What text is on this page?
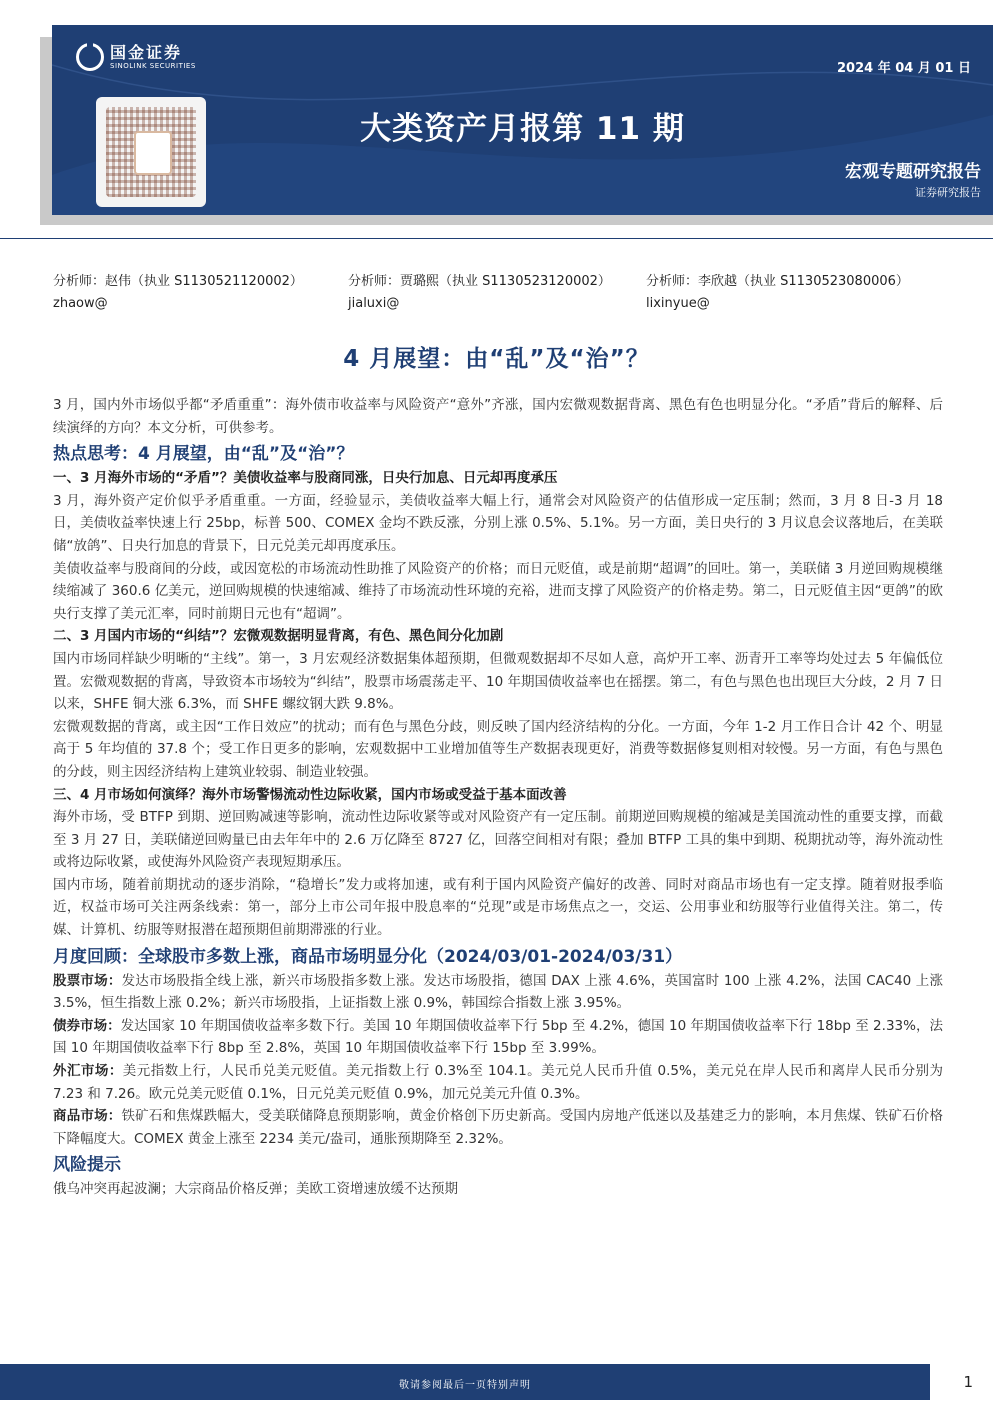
国金证券
SINOLINK SECURITIES	2024 年 04 月 01 日
大类资产月报第 11 期
宏观专题研究报告
证券研究报告
分析师：赵伟（执业 S1130521120002）
zhaow@
分析师：贾璐熙（执业 S1130523120002）
jialuxi@
分析师：李欣越（执业 S1130523080006）
lixinyue@
4 月展望：由“乱”及“治”？

3 月，国内外市场似乎都“矛盾重重”：海外债市收益率与风险资产“意外”齐涨，国内宏微观数据背离、黑色有色也明显分化。“矛盾”背后的解释、后续演绎的方向？本文分析，可供参考。

热点思考：4 月展望，由“乱”及“治”？
一、3 月海外市场的“矛盾”？美债收益率与股商同涨，日央行加息、日元却再度承压

3 月，海外资产定价似乎矛盾重重。一方面，经验显示，美债收益率大幅上行，通常会对风险资产的估值形成一定压制；然而，3 月 8 日-3 月 18 日，美债收益率快速上行 25bp，标普 500、COMEX 金均不跌反涨，分别上涨 0.5%、5.1%。另一方面，美日央行的 3 月议息会议落地后，在美联储“放鸽”、日央行加息的背景下，日元兑美元却再度承压。

美债收益率与股商间的分歧，或因宽松的市场流动性助推了风险资产的价格；而日元贬值，或是前期“超调”的回吐。第一，美联储 3 月逆回购规模继续缩减了 360.6 亿美元，逆回购规模的快速缩减、维持了市场流动性环境的充裕，进而支撑了风险资产的价格走势。第二，日元贬值主因“更鸽”的欧央行支撑了美元汇率，同时前期日元也有“超调”。

二、3 月国内市场的“纠结”？宏微观数据明显背离，有色、黑色间分化加剧

国内市场同样缺少明晰的“主线”。第一，3 月宏观经济数据集体超预期，但微观数据却不尽如人意，高炉开工率、沥青开工率等均处过去 5 年偏低位置。宏微观数据的背离，导致资本市场较为“纠结”，股票市场震荡走平、10 年期国债收益率也在摇摆。第二，有色与黑色也出现巨大分歧，2 月 7 日以来，SHFE 铜大涨 6.3%，而 SHFE 螺纹钢大跌 9.8%。

宏微观数据的背离，或主因“工作日效应”的扰动；而有色与黑色分歧，则反映了国内经济结构的分化。一方面，今年 1-2 月工作日合计 42 个、明显高于 5 年均值的 37.8 个；受工作日更多的影响，宏观数据中工业增加值等生产数据表现更好，消费等数据修复则相对较慢。另一方面，有色与黑色的分歧，则主因经济结构上建筑业较弱、制造业较强。

三、4 月市场如何演绎？海外市场警惕流动性边际收紧，国内市场或受益于基本面改善

海外市场，受 BTFP 到期、逆回购减速等影响，流动性边际收紧等或对风险资产有一定压制。前期逆回购规模的缩减是美国流动性的重要支撑，而截至 3 月 27 日，美联储逆回购量已由去年年中的 2.6 万亿降至 8727 亿，回落空间相对有限；叠加 BTFP 工具的集中到期、税期扰动等，海外流动性或将边际收紧，或使海外风险资产表现短期承压。

国内市场，随着前期扰动的逐步消除，“稳增长”发力或将加速，或有利于国内风险资产偏好的改善、同时对商品市场也有一定支撑。随着财报季临近，权益市场可关注两条线索：第一，部分上市公司年报中股息率的“兑现”或是市场焦点之一，交运、公用事业和纺服等行业值得关注。第二，传媒、计算机、纺服等财报潜在超预期但前期滞涨的行业。

月度回顾：全球股市多数上涨，商品市场明显分化（2024/03/01-2024/03/31）

股票市场：发达市场股指全线上涨，新兴市场股指多数上涨。发达市场股指，德国 DAX 上涨 4.6%，英国富时 100 上涨 4.2%，法国 CAC40 上涨 3.5%，恒生指数上涨 0.2%；新兴市场股指，上证指数上涨 0.9%，韩国综合指数上涨 3.95%。

债券市场：发达国家 10 年期国债收益率多数下行。美国 10 年期国债收益率下行 5bp 至 4.2%，德国 10 年期国债收益率下行 18bp 至 2.33%，法国 10 年期国债收益率下行 8bp 至 2.8%，英国 10 年期国债收益率下行 15bp 至 3.99%。

外汇市场：美元指数上行，人民币兑美元贬值。美元指数上行 0.3%至 104.1。美元兑人民币升值 0.5%，美元兑在岸人民币和离岸人民币分别为 7.23 和 7.26。欧元兑美元贬值 0.1%，日元兑美元贬值 0.9%，加元兑美元升值 0.3%。

商品市场：铁矿石和焦煤跌幅大，受美联储降息预期影响，黄金价格创下历史新高。受国内房地产低迷以及基建乏力的影响，本月焦煤、铁矿石价格下降幅度大。COMEX 黄金上涨至 2234 美元/盎司，通胀预期降至 2.32%。

风险提示

俄乌冲突再起波澜；大宗商品价格反弹；美欧工资增速放缓不达预期

敬请参阅最后一页特别声明	1
